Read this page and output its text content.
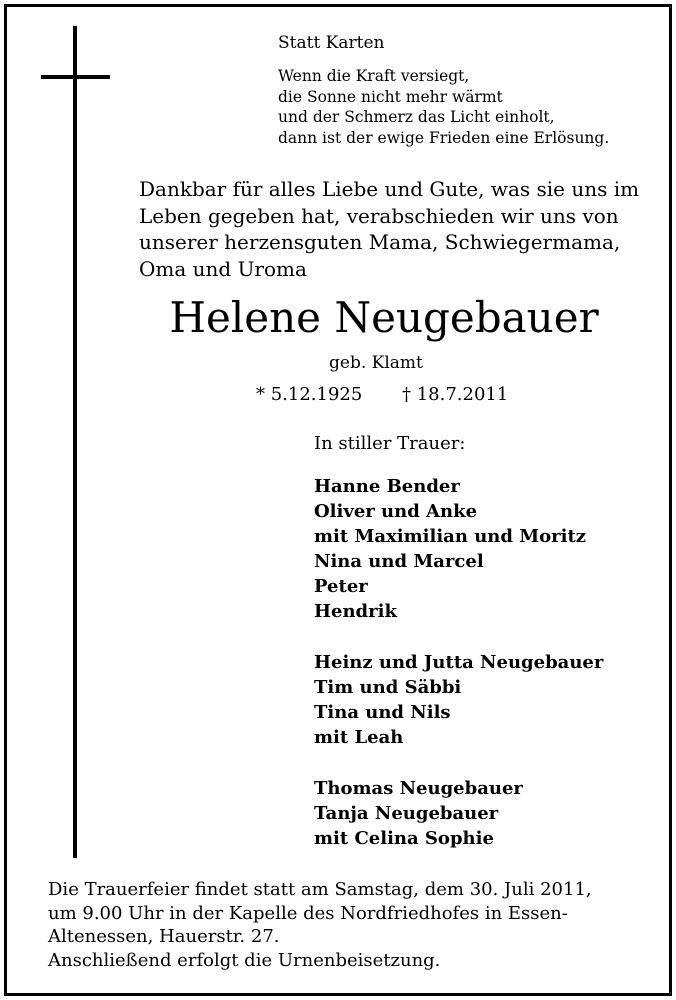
Statt Karten
Wenn die Kraft versiegt,
die Sonne nicht mehr wärmt
und der Schmerz das Licht einholt,
dann ist der ewige Frieden eine Erlösung.
Dankbar für alles Liebe und Gute, was sie uns im
Leben gegeben hat, verabschieden wir uns von
unserer herzensguten Mama, Schwiegermama,
Oma und Uroma
Helene Neugebauer
geb. Klamt
* 5.12.1925 † 18.7.2011
In stiller Trauer:
Hanne Bender
Oliver und Anke
mit Maximilian und Moritz
Nina und Marcel
Peter
Hendrik
Heinz und Jutta Neugebauer
Tim und Säbbi
Tina und Nils
mit Leah
Thomas Neugebauer
Tanja Neugebauer
mit Celina Sophie
Die Trauerfeier findet statt am Samstag, dem 30. Juli 2011,
um 9.00 Uhr in der Kapelle des Nordfriedhofes in Essen-
Altenessen, Hauerstr. 27.
Anschließend erfolgt die Urnenbeisetzung.
